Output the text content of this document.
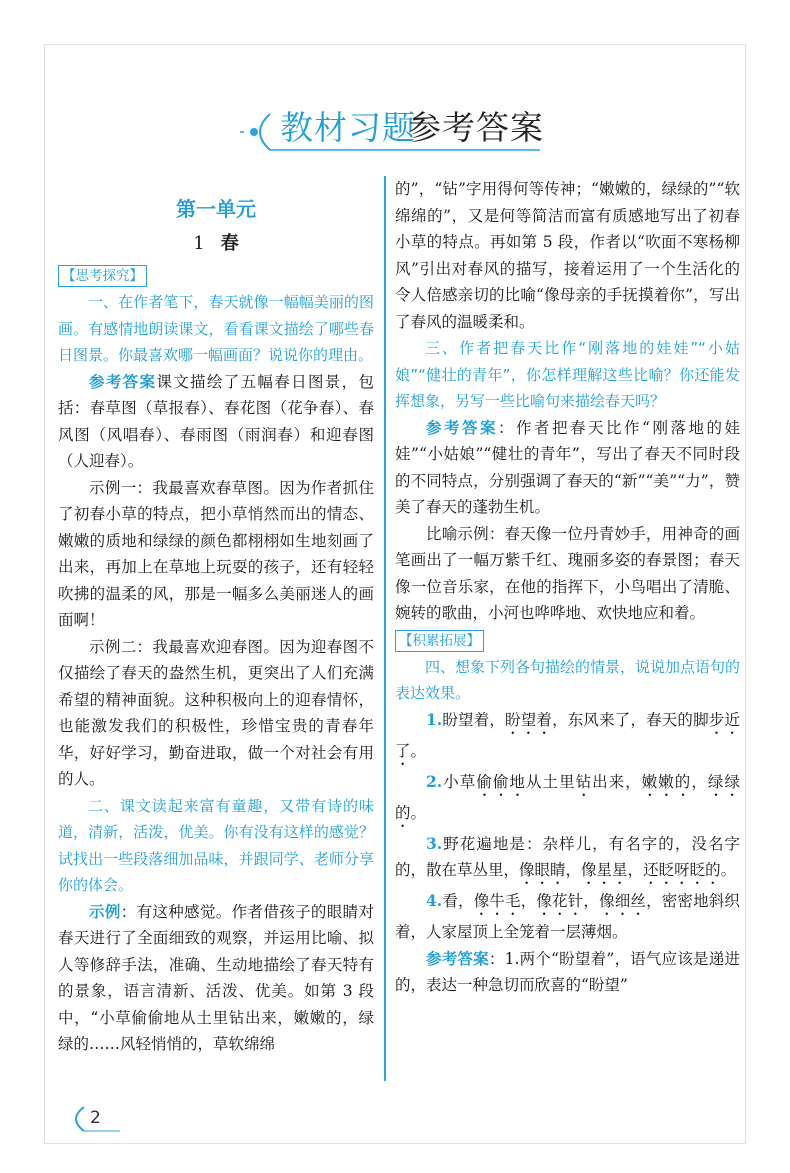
教材习题
参考答案
第一单元
1 春
【思考探究】

一、在作者笔下，春天就像一幅幅美丽的图画。有感情地朗读课文，看看课文描绘了哪些春日图景。你最喜欢哪一幅画面？说说你的理由。

参考答案课文描绘了五幅春日图景，包括：春草图（草报春）、春花图（花争春）、春风图（风唱春）、春雨图（雨润春）和迎春图（人迎春）。

示例一：我最喜欢春草图。因为作者抓住了初春小草的特点，把小草悄然而出的情态、嫩嫩的质地和绿绿的颜色都栩栩如生地刻画了出来，再加上在草地上玩耍的孩子，还有轻轻吹拂的温柔的风，那是一幅多么美丽迷人的画面啊！

示例二：我最喜欢迎春图。因为迎春图不仅描绘了春天的盎然生机，更突出了人们充满希望的精神面貌。这种积极向上的迎春情怀，也能激发我们的积极性，珍惜宝贵的青春年华，好好学习，勤奋进取，做一个对社会有用的人。

二、课文读起来富有童趣，又带有诗的味道，清新，活泼，优美。你有没有这样的感觉？试找出一些段落细加品味，并跟同学、老师分享你的体会。

示例：有这种感觉。作者借孩子的眼睛对春天进行了全面细致的观察，并运用比喻、拟人等修辞手法，准确、生动地描绘了春天特有的景象，语言清新、活泼、优美。如第 3 段中，“小草偷偷地从土里钻出来，嫩嫩的，绿绿的……风轻悄悄的，草软绵绵

的”，“钻”字用得何等传神；“嫩嫩的，绿绿的”“软绵绵的”，又是何等简洁而富有质感地写出了初春小草的特点。再如第 5 段，作者以“吹面不寒杨柳风”引出对春风的描写，接着运用了一个生活化的令人倍感亲切的比喻“像母亲的手抚摸着你”，写出了春风的温暖柔和。

三、作者把春天比作“刚落地的娃娃”“小姑娘”“健壮的青年”，你怎样理解这些比喻？你还能发挥想象，另写一些比喻句来描绘春天吗？

参考答案：作者把春天比作“刚落地的娃娃”“小姑娘”“健壮的青年”，写出了春天不同时段的不同特点，分别强调了春天的“新”“美”“力”，赞美了春天的蓬勃生机。

比喻示例：春天像一位丹青妙手，用神奇的画笔画出了一幅万紫千红、瑰丽多姿的春景图；春天像一位音乐家，在他的指挥下，小鸟唱出了清脆、婉转的歌曲，小河也哗哗地、欢快地应和着。

【积累拓展】

四、想象下列各句描绘的情景，说说加点语句的表达效果。

1.盼望着，盼望着，东风来了，春天的脚步近了。

2.小草偷偷地从土里钻出来，嫩嫩的，绿绿的。

3.野花遍地是：杂样儿，有名字的，没名字的，散在草丛里，像眼睛，像星星，还眨呀眨的。

4.看，像牛毛，像花针，像细丝，密密地斜织着，人家屋顶上全笼着一层薄烟。

参考答案：1.两个“盼望着”，语气应该是递进的，表达一种急切而欣喜的“盼望”

2
